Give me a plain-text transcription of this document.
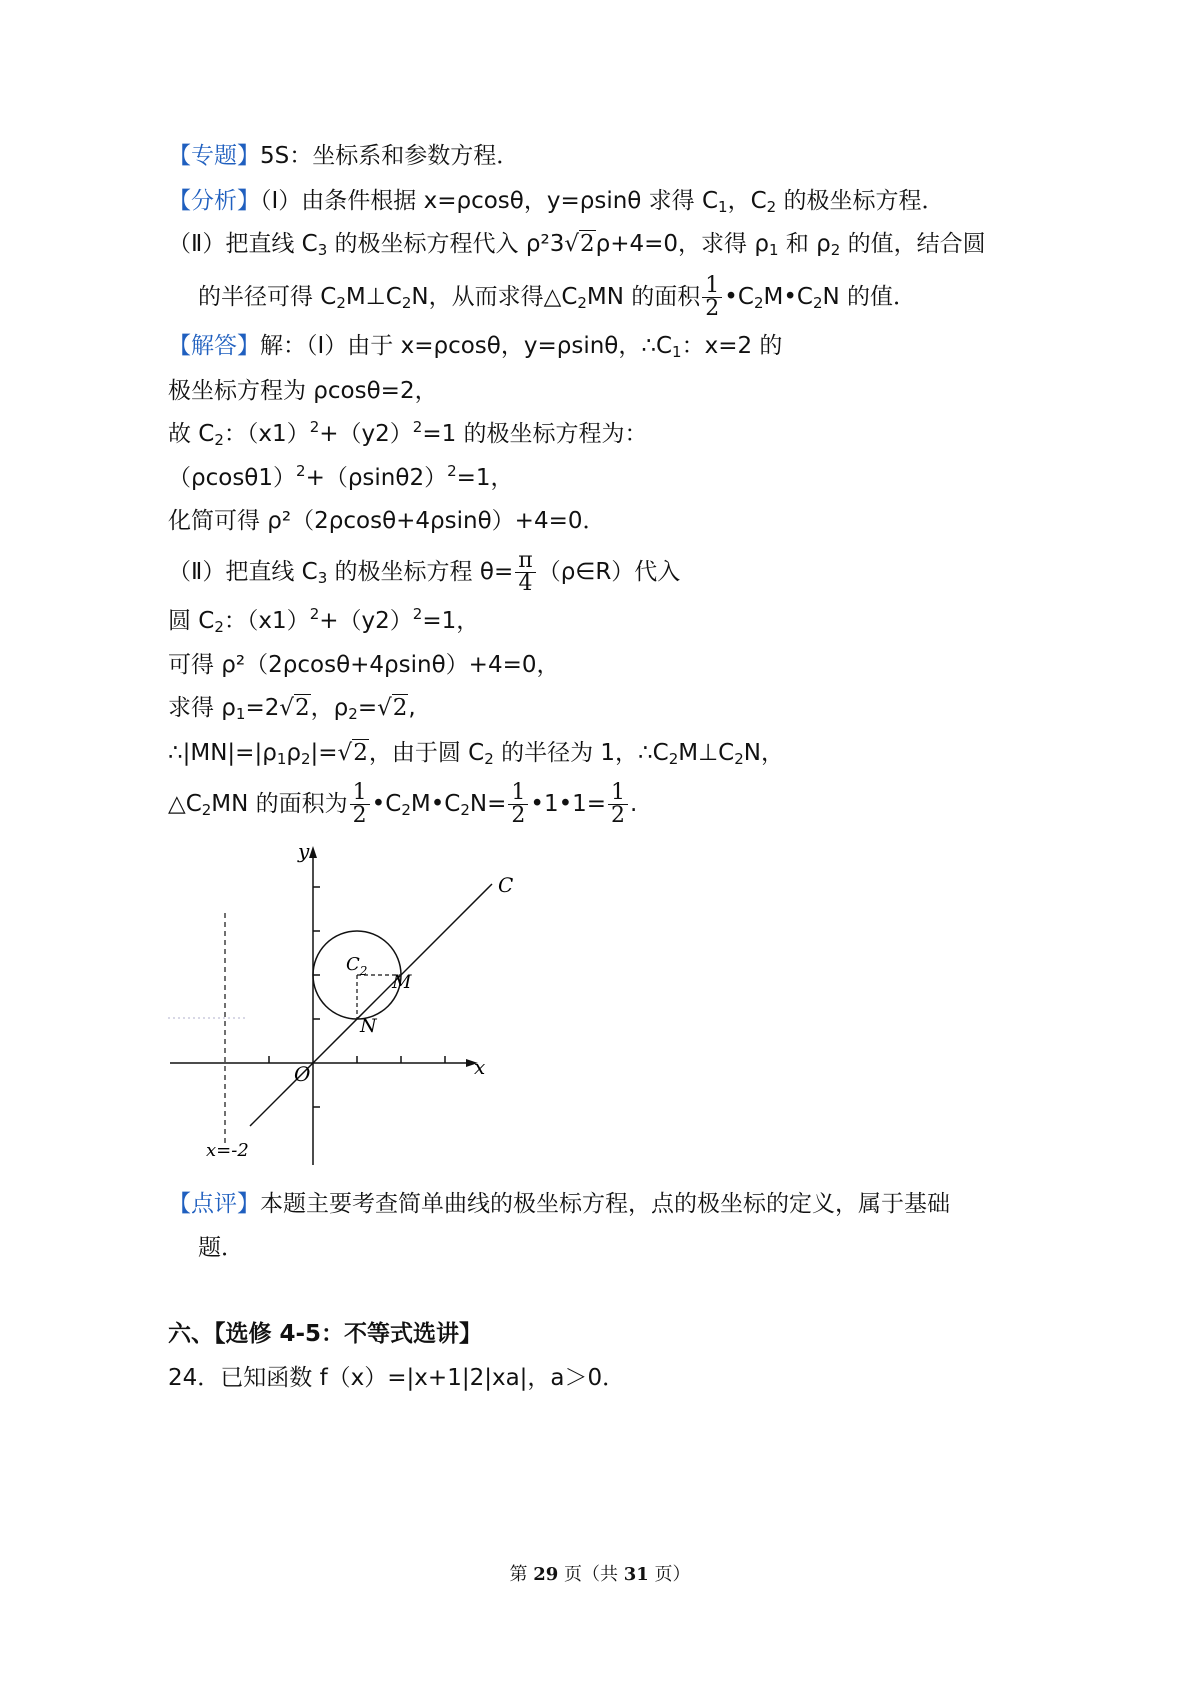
【专题】5S：坐标系和参数方程．
【分析】（Ⅰ）由条件根据 x=ρcosθ，y=ρsinθ 求得 $C_1$，$C_2$ 的极坐标方程．
（Ⅱ）把直线 $C_3$ 的极坐标方程代入 ρ²3√2ρ+4=0，求得 $\rho_1$ 和 $\rho_2$ 的值，结合圆
的半径可得 $C_2M\perp C_2N$，从而求得$\triangle C_2MN$ 的面积 $\frac{1}{2}$ $•C_2M•C_2N$ 的值．
【解答】解：（Ⅰ）由于 x=ρcosθ，y=ρsinθ，$\therefore C_1$：x=2 的
极坐标方程为 ρcosθ=2，
故 $C_2$：$(x1)^2+(y2)^2=1$ 的极坐标方程为：
$(\rho\cos\theta 1)^2+(\rho\sin\theta 2)^2=1$，
化简可得 ρ²（2ρcosθ+4ρsinθ）+4=0．
（Ⅱ）把直线 $C_3$ 的极坐标方程 $\theta= \frac{\pi}{4}$ （ρ∈R）代入
圆 $C_2$：$(x1)^2+(y2)^2=1$，
可得 ρ²（2ρcosθ+4ρsinθ）+4=0，
求得 $\rho_1=2√2$，$\rho_2=√2$,
$\therefore|MN|=|\rho_1\rho_2|=√2$，由于圆 $C_2$ 的半径为 1，$\therefore C_2M\perp C_2N$，
$\triangle C_2MN$ 的面积为 $\frac{1}{2}$ $•C_2M•C_2N= \frac{1}{2}$ •1•1= $\frac{1}{2}$ .
y
x
O
C
$C_2$ M
N
x=-2
【点评】本题主要考查简单曲线的极坐标方程，点的极坐标的定义，属于基础
题．
六、【选修 4-5：不等式选讲】
24．已知函数 f（x）=|x+1|2|xa|，a＞0．
第 29 页（共 31 页）
